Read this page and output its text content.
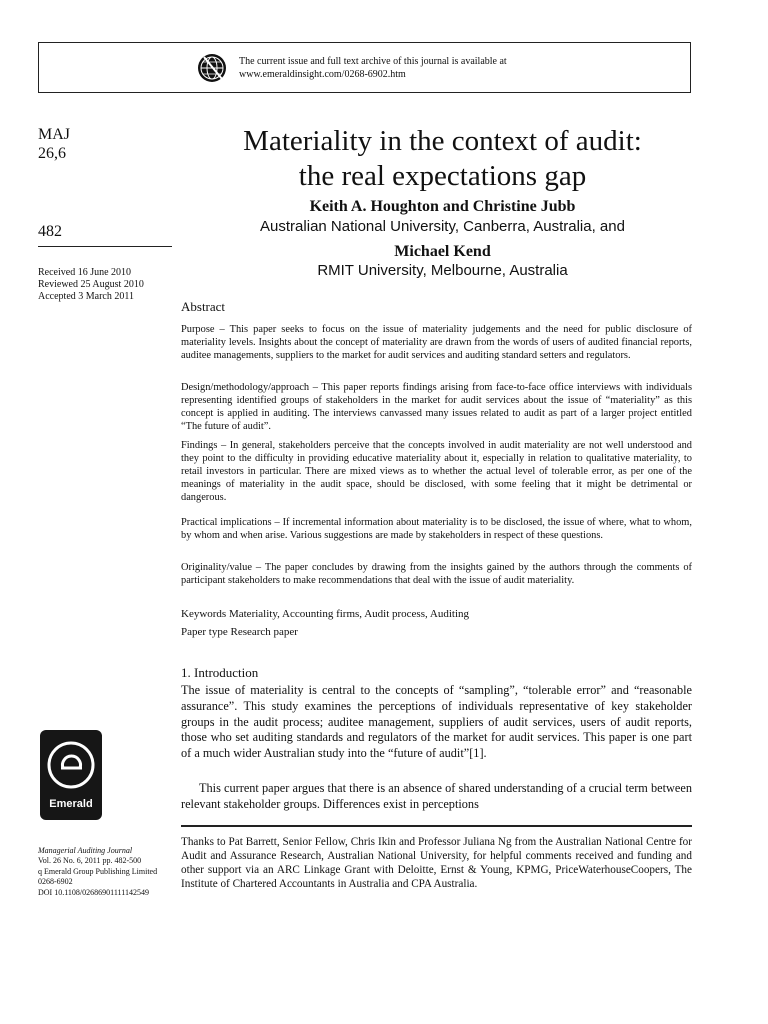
The current issue and full text archive of this journal is available at
www.emeraldinsight.com/0268-6902.htm
MAJ
26,6
482
Received 16 June 2010
Reviewed 25 August 2010
Accepted 3 March 2011
Emerald
Managerial Auditing Journal
Vol. 26 No. 6, 2011 pp. 482-500
q Emerald Group Publishing Limited 0268-6902
DOI 10.1108/02686901111142549
Materiality in the context of audit:
the real expectations gap
Keith A. Houghton and Christine Jubb
Australian National University, Canberra, Australia, and
Michael Kend
RMIT University, Melbourne, Australia
Abstract
Purpose – This paper seeks to focus on the issue of materiality judgements and the need for public disclosure of materiality levels. Insights about the concept of materiality are drawn from the words of users of audited financial reports, auditee managements, suppliers to the market for audit services and auditing standard setters and regulators.
Design/methodology/approach – This paper reports findings arising from face-to-face office interviews with individuals representing identified groups of stakeholders in the market for audit services about the issue of “materiality” as this concept is applied in auditing. The interviews canvassed many issues related to audit as part of a larger project entitled “The future of audit”.
Findings – In general, stakeholders perceive that the concepts involved in audit materiality are not well understood and they point to the difficulty in providing educative materiality about it, especially in relation to qualitative materiality, to retail investors in particular. There are mixed views as to whether the actual level of tolerable error, as per one of the meanings of materiality in the audit space, should be disclosed, with some feeling that it might be detrimental or dangerous.
Practical implications – If incremental information about materiality is to be disclosed, the issue of where, what to whom, by whom and when arise. Various suggestions are made by stakeholders in respect of these questions.
Originality/value – The paper concludes by drawing from the insights gained by the authors through the comments of participant stakeholders to make recommendations that deal with the issue of audit materiality.
Keywords Materiality, Accounting firms, Audit process, Auditing
Paper type Research paper
1. Introduction
The issue of materiality is central to the concepts of “sampling”, “tolerable error” and “reasonable assurance”. This study examines the perceptions of individuals representative of key stakeholder groups in the audit process; auditee management, suppliers of audit services, users of audit reports, those who set auditing standards and regulators of the market for audit services. This paper is one part of a much wider Australian study into the “future of audit”[1].
This current paper argues that there is an absence of shared understanding of a crucial term between relevant stakeholder groups. Differences exist in perceptions
Thanks to Pat Barrett, Senior Fellow, Chris Ikin and Professor Juliana Ng from the Australian National Centre for Audit and Assurance Research, Australian National University, for helpful comments received and funding and other support via an ARC Linkage Grant with Deloitte, Ernst & Young, KPMG, PriceWaterhouseCoopers, The Institute of Chartered Accountants in Australia and CPA Australia.
